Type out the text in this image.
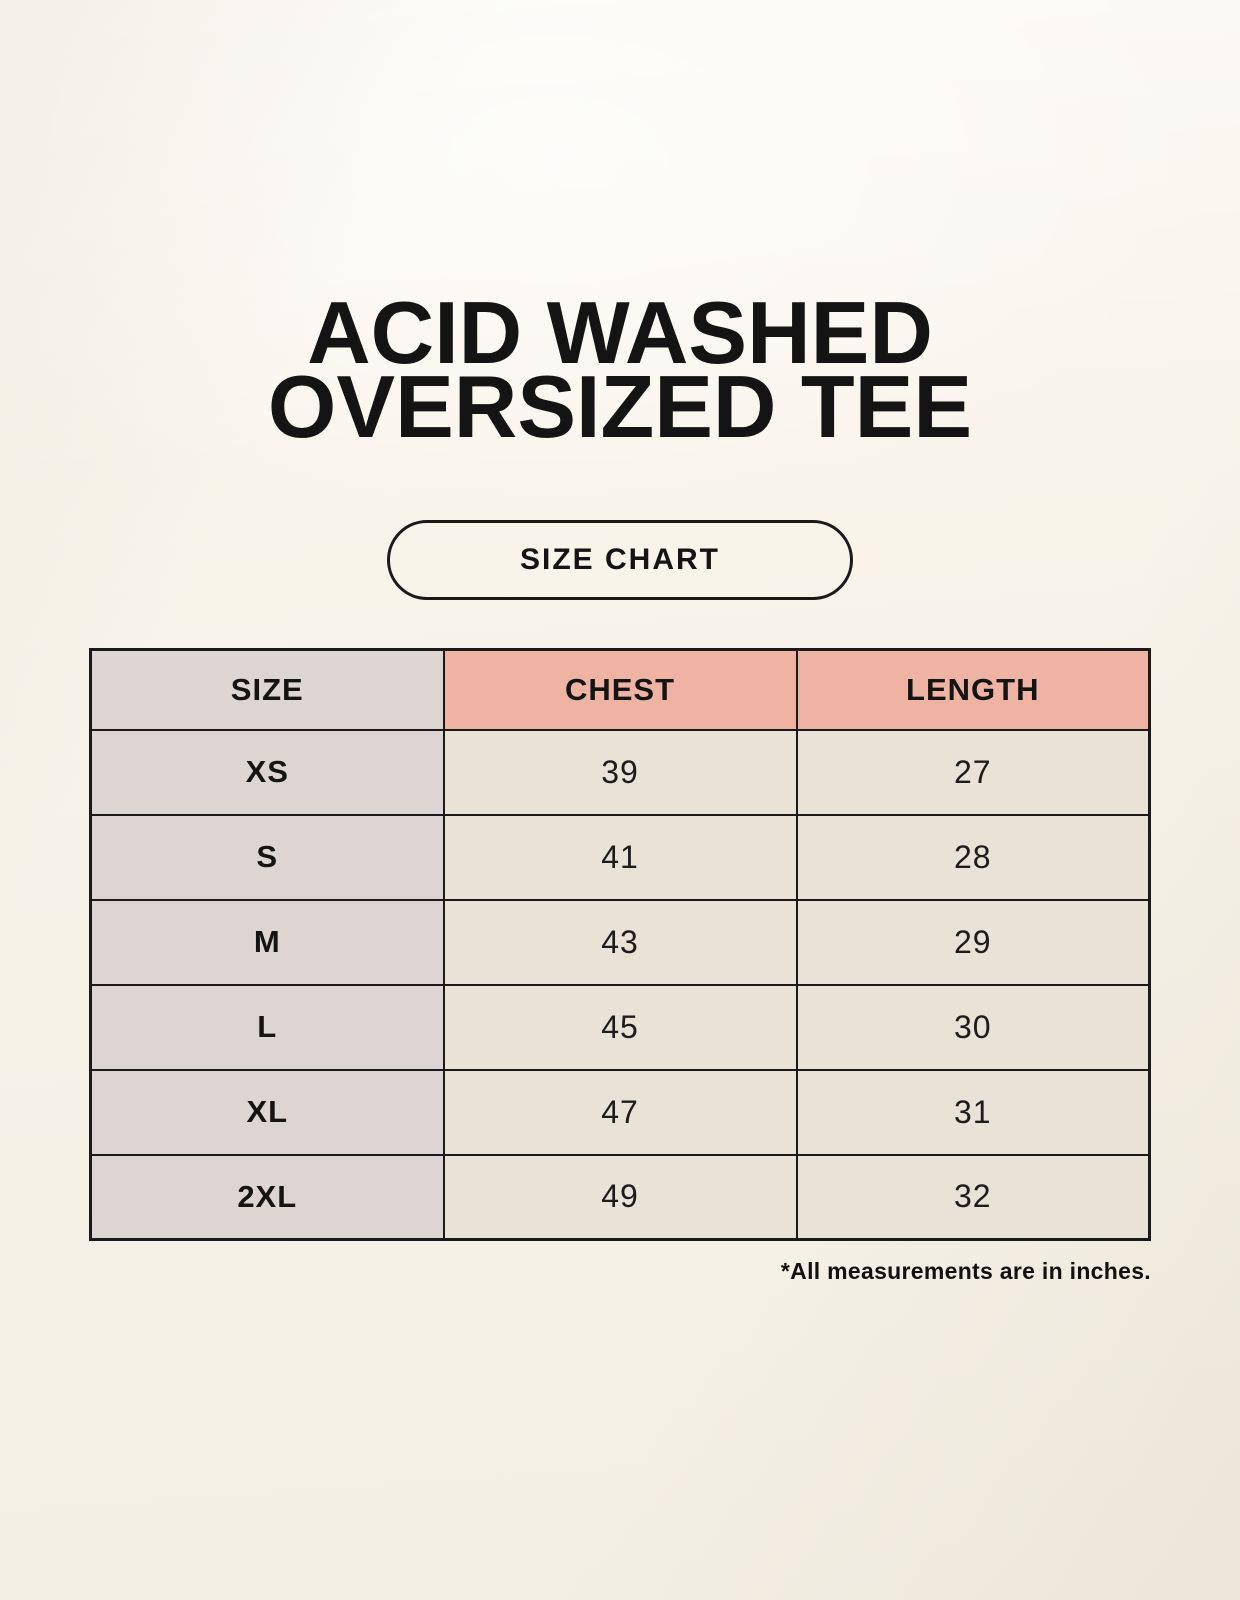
ACID WASHED
OVERSIZED TEE
SIZE CHART
SIZE	CHEST	LENGTH
XS	39	27
S	41	28
M	43	29
L	45	30
XL	47	31
2XL	49	32
*All measurements are in inches.
